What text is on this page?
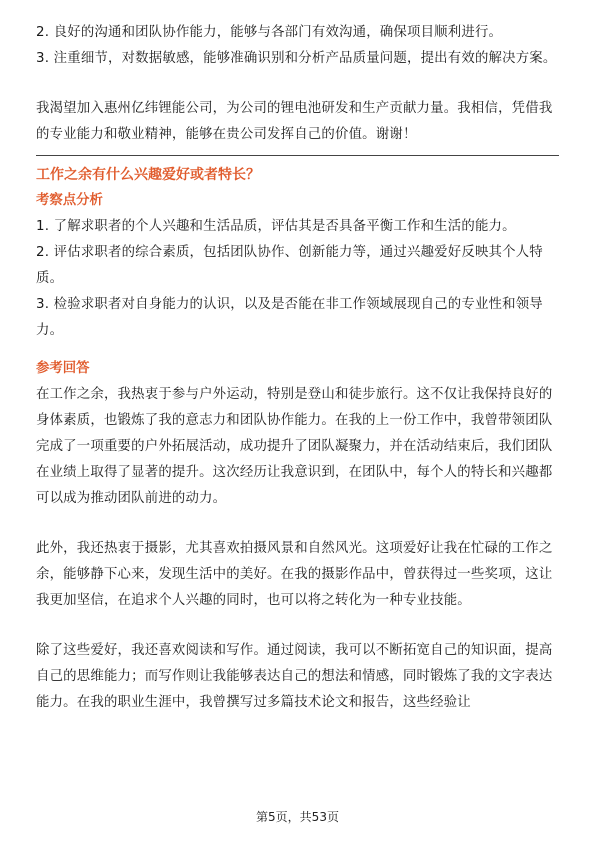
2. 良好的沟通和团队协作能力，能够与各部门有效沟通，确保项目顺利进行。

3. 注重细节，对数据敏感，能够准确识别和分析产品质量问题，提出有效的解决方案。

我渴望加入惠州亿纬锂能公司，为公司的锂电池研发和生产贡献力量。我相信，凭借我的专业能力和敬业精神，能够在贵公司发挥自己的价值。谢谢！

工作之余有什么兴趣爱好或者特长？
考察点分析

1. 了解求职者的个人兴趣和生活品质，评估其是否具备平衡工作和生活的能力。

2. 评估求职者的综合素质，包括团队协作、创新能力等，通过兴趣爱好反映其个人特质。

3. 检验求职者对自身能力的认识，以及是否能在非工作领域展现自己的专业性和领导力。

参考回答

在工作之余，我热衷于参与户外运动，特别是登山和徒步旅行。这不仅让我保持良好的身体素质，也锻炼了我的意志力和团队协作能力。在我的上一份工作中，我曾带领团队完成了一项重要的户外拓展活动，成功提升了团队凝聚力，并在活动结束后，我们团队在业绩上取得了显著的提升。这次经历让我意识到，在团队中，每个人的特长和兴趣都可以成为推动团队前进的动力。

此外，我还热衷于摄影，尤其喜欢拍摄风景和自然风光。这项爱好让我在忙碌的工作之余，能够静下心来，发现生活中的美好。在我的摄影作品中，曾获得过一些奖项，这让我更加坚信，在追求个人兴趣的同时，也可以将之转化为一种专业技能。

除了这些爱好，我还喜欢阅读和写作。通过阅读，我可以不断拓宽自己的知识面，提高自己的思维能力；而写作则让我能够表达自己的想法和情感，同时锻炼了我的文字表达能力。在我的职业生涯中，我曾撰写过多篇技术论文和报告，这些经验让

第5页，共53页
